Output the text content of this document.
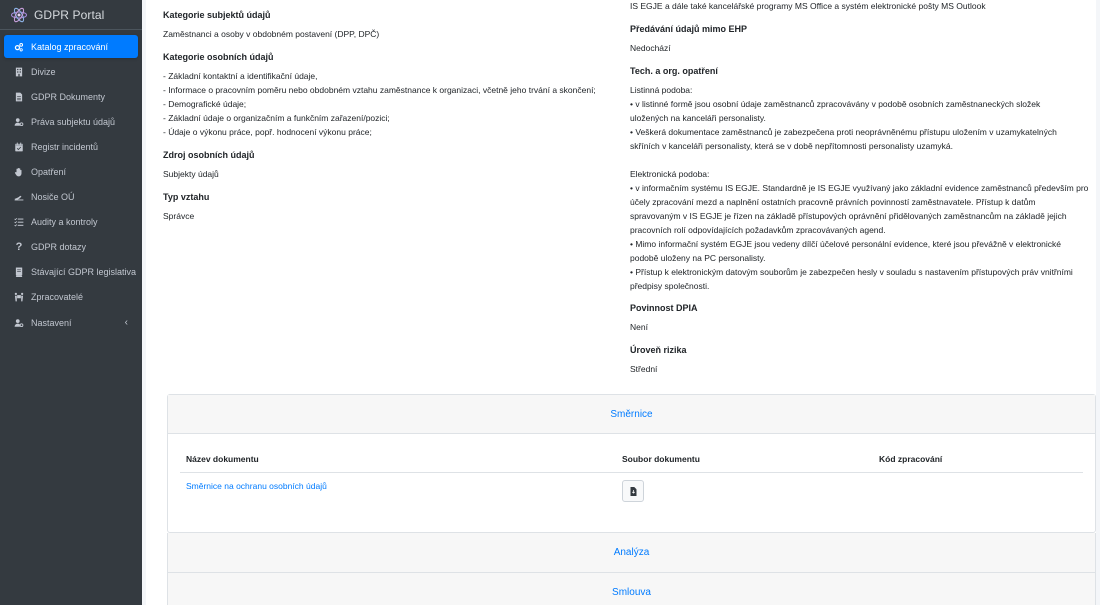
GDPR Portal
Katalog zpracování
Divize
GDPR Dokumenty
Práva subjektu údajů
Registr incidentů
Opatření
Nosiče OÚ
Audity a kontroly
? GDPR dotazy
Stávající GDPR legislativa
Zpracovatelé
Nastavení	‹
Kategorie subjektů údajů
Zaměstnanci a osoby v obdobném postavení (DPP, DPČ)
Kategorie osobních údajů
- Základní kontaktní a identifikační údaje,
- Informace o pracovním poměru nebo obdobném vztahu zaměstnance k organizaci, včetně jeho trvání a skončení;
- Demografické údaje;
- Základní údaje o organizačním a funkčním zařazení/pozici;
- Údaje o výkonu práce, popř. hodnocení výkonu práce;
Zdroj osobních údajů
Subjekty údajů
Typ vztahu
Správce
IS EGJE a dále také kancelářské programy MS Office a systém elektronické pošty MS Outlook
Předávání údajů mimo EHP
Nedochází
Tech. a org. opatření
Listinná podoba:
• v listinné formě jsou osobní údaje zaměstnanců zpracovávány v podobě osobních zaměstnaneckých složek
uložených na kanceláři personalisty.
• Veškerá dokumentace zaměstnanců je zabezpečena proti neoprávněnému přístupu uložením v uzamykatelných
skříních v kanceláři personalisty, která se v době nepřítomnosti personalisty uzamyká.

Elektronická podoba:
• v informačním systému IS EGJE. Standardně je IS EGJE využívaný jako základní evidence zaměstnanců především pro
účely zpracování mezd a naplnění ostatních pracovně právních povinností zaměstnavatele. Přístup k datům
spravovaným v IS EGJE je řízen na základě přístupových oprávnění přidělovaných zaměstnancům na základě jejich
pracovních rolí odpovídajících požadavkům zpracovávaných agend.
• Mimo informační systém EGJE jsou vedeny dílčí účelové personální evidence, které jsou převážně v elektronické
podobě uloženy na PC personalisty.
• Přístup k elektronickým datovým souborům je zabezpečen hesly v souladu s nastavením přístupových práv vnitřními
předpisy společnosti.
Povinnost DPIA
Není
Úroveň rizika
Střední
Směrnice
Název dokumentu	Soubor dokumentu	Kód zpracování
Směrnice na ochranu osobních údajů	

Analýza
Smlouva
